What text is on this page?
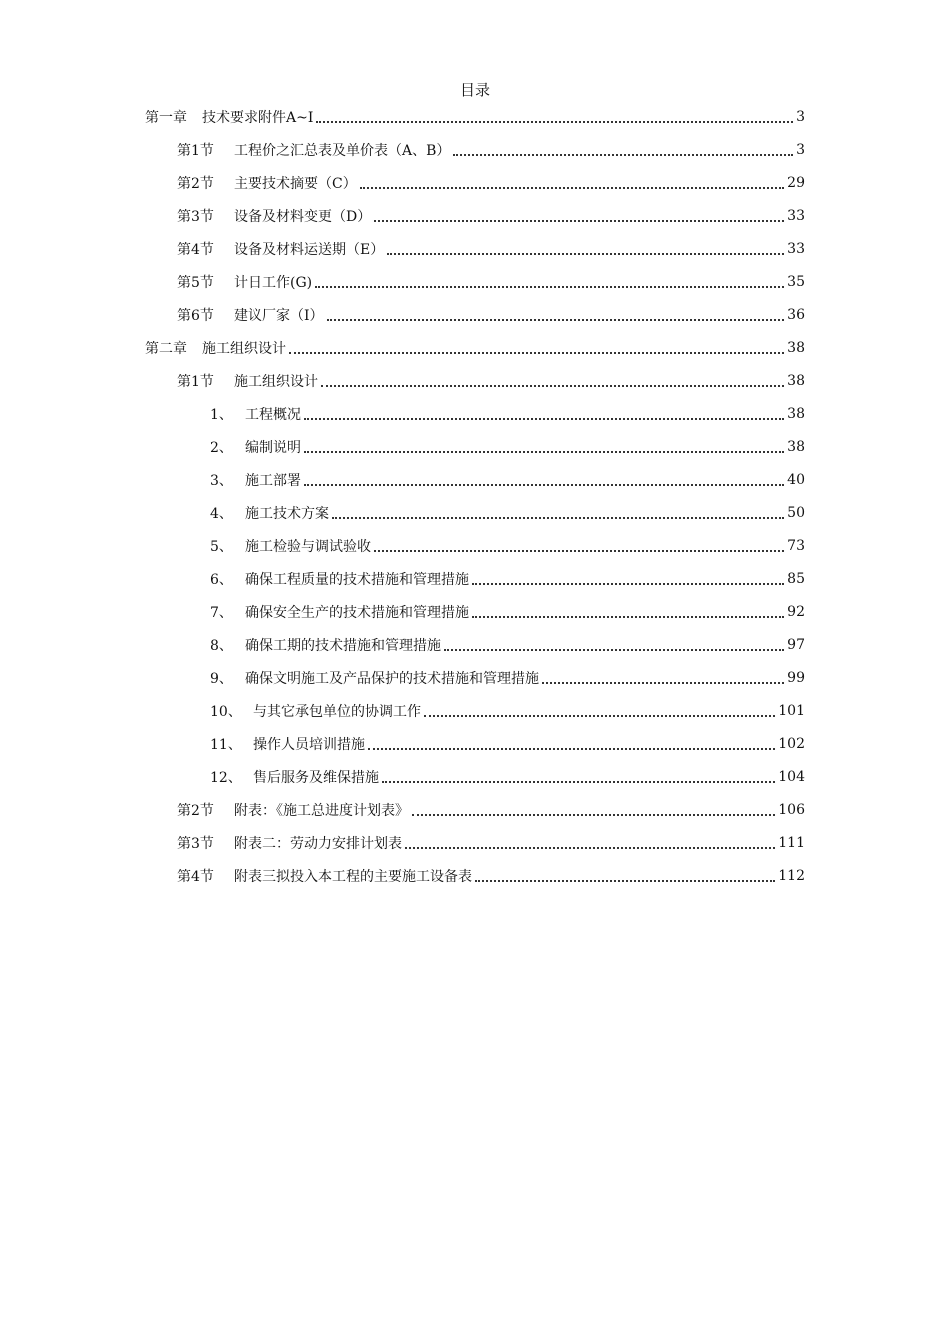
目录
第一章	技术要求附件A~I	3
第1节	工程价之汇总表及单价表（A、B）	3
第2节	主要技术摘要（C）	29
第3节	设备及材料变更（D）	33
第4节	设备及材料运送期（E）	33
第5节	计日工作(G)	35
第6节	建议厂家（I）	36
第二章	施工组织设计	38
第1节	施工组织设计	38
1、 工程概况	38
2、 编制说明	38
3、 施工部署	40
4、 施工技术方案	50
5、 施工检验与调试验收	73
6、 确保工程质量的技术措施和管理措施	85
7、 确保安全生产的技术措施和管理措施	92
8、 确保工期的技术措施和管理措施	97
9、 确保文明施工及产品保护的技术措施和管理措施	99
10、 与其它承包单位的协调工作	101
11、 操作人员培训措施	102
12、 售后服务及维保措施	104
第2节	附表：《施工总进度计划表》	106
第3节	附表二：劳动力安排计划表	111
第4节	附表三拟投入本工程的主要施工设备表	112
